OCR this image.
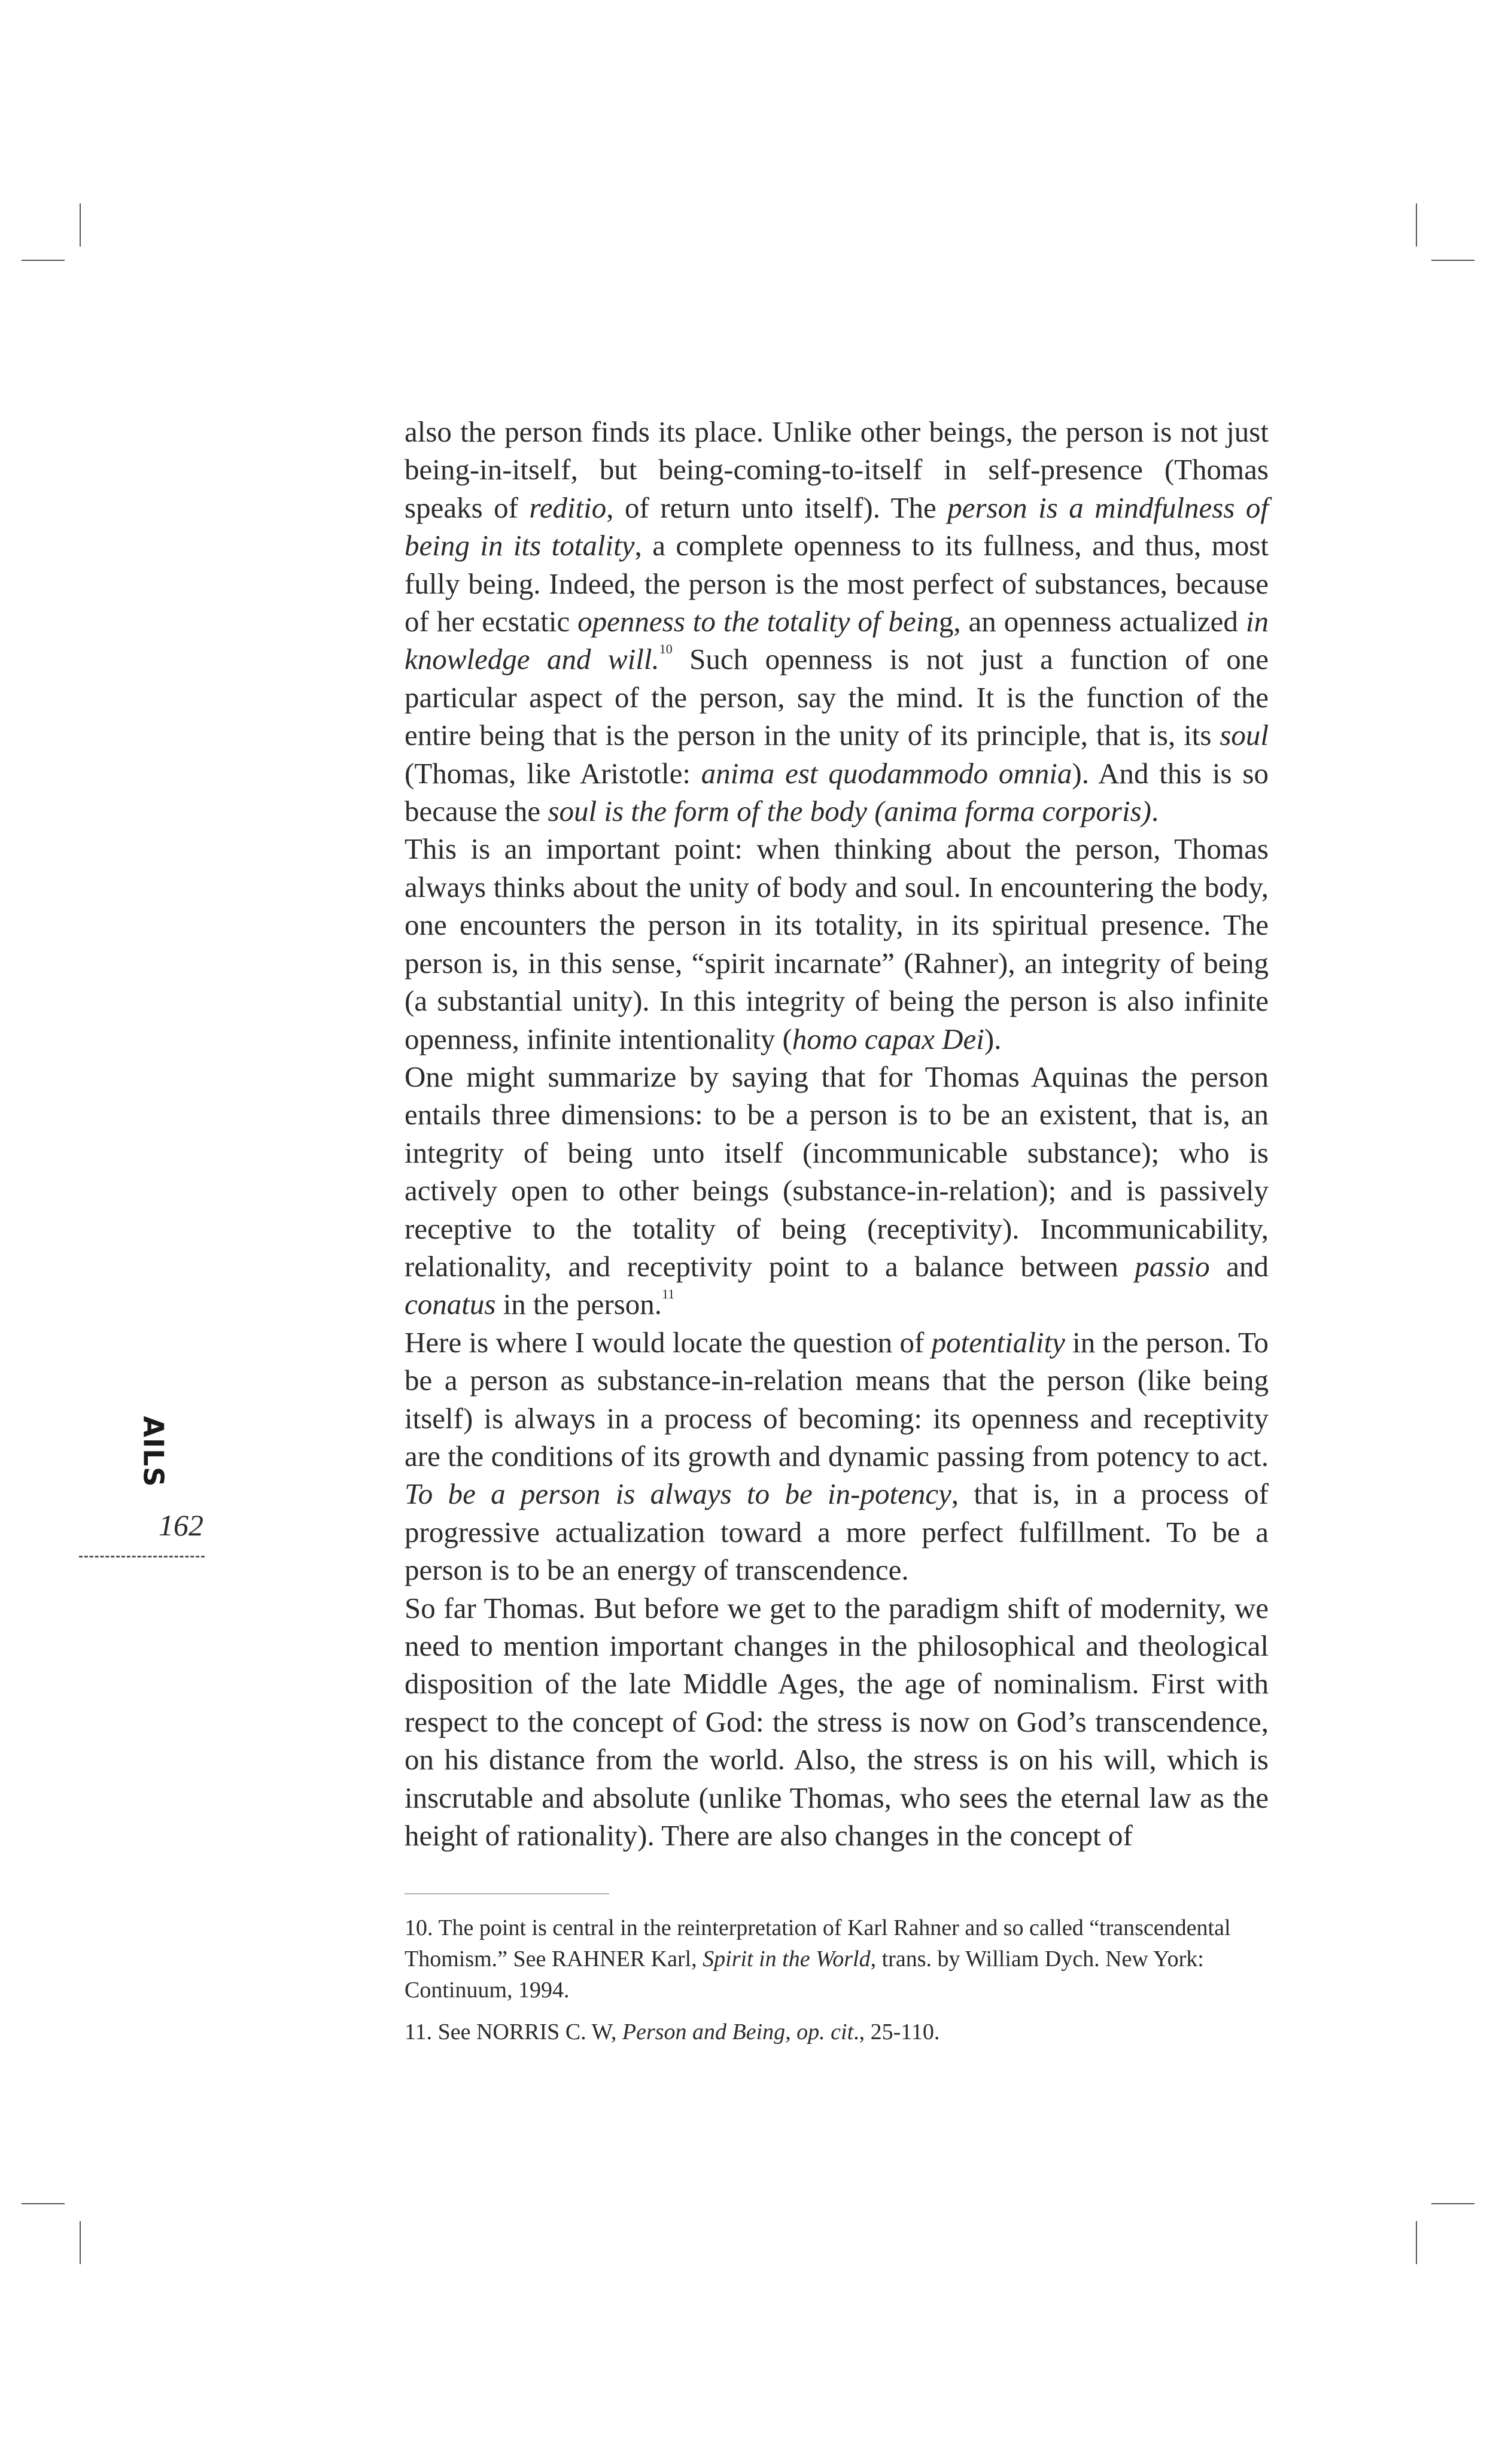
AILS
162

also the person finds its place. Unlike other beings, the person is not just being-in-itself, but being-coming-to-itself in self-presence (Thomas speaks of reditio, of return unto itself). The person is a mindfulness of being in its totality, a complete openness to its fullness, and thus, most fully being. Indeed, the person is the most perfect of substances, because of her ecstatic openness to the totality of being, an openness actualized in knowledge and will.$^{10}$ Such openness is not just a function of one particular aspect of the person, say the mind. It is the function of the entire being that is the person in the unity of its principle, that is, its soul (Thomas, like Aristotle: anima est quodammodo omnia). And this is so because the soul is the form of the body (anima forma corporis).

This is an important point: when thinking about the person, Thomas always thinks about the unity of body and soul. In encountering the body, one encounters the person in its totality, in its spiritual presence. The person is, in this sense, “spirit incarnate” (Rahner), an integrity of being (a substantial unity). In this integrity of being the person is also infinite openness, infinite intentionality (homo capax Dei).

One might summarize by saying that for Thomas Aquinas the person entails three dimensions: to be a person is to be an existent, that is, an integrity of being unto itself (incommunicable substance); who is actively open to other beings (substance-in-relation); and is passively receptive to the totality of being (receptivity). Incommunicability, relationality, and receptivity point to a balance between passio and conatus in the person.$^{11}$

Here is where I would locate the question of potentiality in the person. To be a person as substance-in-relation means that the person (like being itself) is always in a process of becoming: its openness and receptivity are the conditions of its growth and dynamic passing from potency to act. To be a person is always to be in-potency, that is, in a process of progressive actualization toward a more perfect fulfillment. To be a person is to be an energy of transcendence.

So far Thomas. But before we get to the paradigm shift of modernity, we need to mention important changes in the philosophical and theological disposition of the late Middle Ages, the age of nominalism. First with respect to the concept of God: the stress is now on God’s transcendence, on his distance from the world. Also, the stress is on his will, which is inscrutable and absolute (unlike Thomas, who sees the eternal law as the height of rationality). There are also changes in the concept of

10. The point is central in the reinterpretation of Karl Rahner and so called “transcendental Thomism.” See RAHNER Karl, Spirit in the World, trans. by William Dych. New York: Continuum, 1994.

11. See NORRIS C. W, Person and Being, op. cit., 25-110.
